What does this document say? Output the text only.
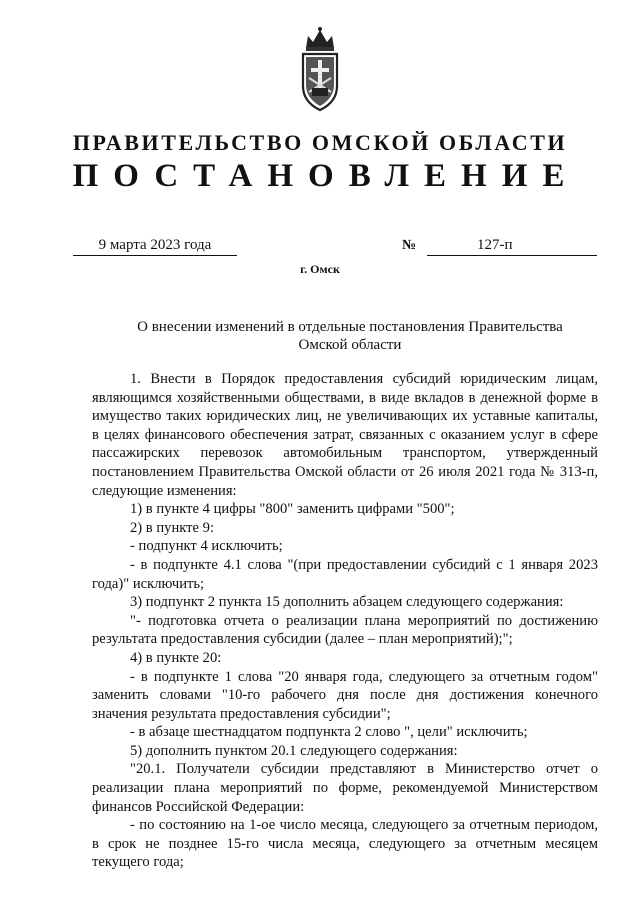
ПРАВИТЕЛЬСТВО ОМСКОЙ ОБЛАСТИ
ПОСТАНОВЛЕНИЕ
9 марта 2023 года	№	127-п
г. Омск
О внесении изменений в отдельные постановления Правительства
Омской области

1. Внести в Порядок предоставления субсидий юридическим лицам, являющимся хозяйственными обществами, в виде вкладов в денежной форме в имущество таких юридических лиц, не увеличивающих их уставные капиталы, в целях финансового обеспечения затрат, связанных с оказанием услуг в сфере пассажирских перевозок автомобильным транспортом, утвержденный постановлением Правительства Омской области от 26 июля 2021 года № 313-п, следующие изменения:

1) в пункте 4 цифры "800" заменить цифрами "500";

2) в пункте 9:

- подпункт 4 исключить;

- в подпункте 4.1 слова "(при предоставлении субсидий с 1 января 2023 года)" исключить;

3) подпункт 2 пункта 15 дополнить абзацем следующего содержания:

"- подготовка отчета о реализации плана мероприятий по достижению результата предоставления субсидии (далее – план мероприятий);";

4) в пункте 20:

- в подпункте 1 слова "20 января года, следующего за отчетным годом" заменить словами "10-го рабочего дня после дня достижения конечного значения результата предоставления субсидии";

- в абзаце шестнадцатом подпункта 2 слово ", цели" исключить;

5) дополнить пунктом 20.1 следующего содержания:

"20.1. Получатели субсидии представляют в Министерство отчет о реализации плана мероприятий по форме, рекомендуемой Министерством финансов Российской Федерации:

- по состоянию на 1-ое число месяца, следующего за отчетным периодом, в срок не позднее 15-го числа месяца, следующего за отчетным месяцем текущего года;
